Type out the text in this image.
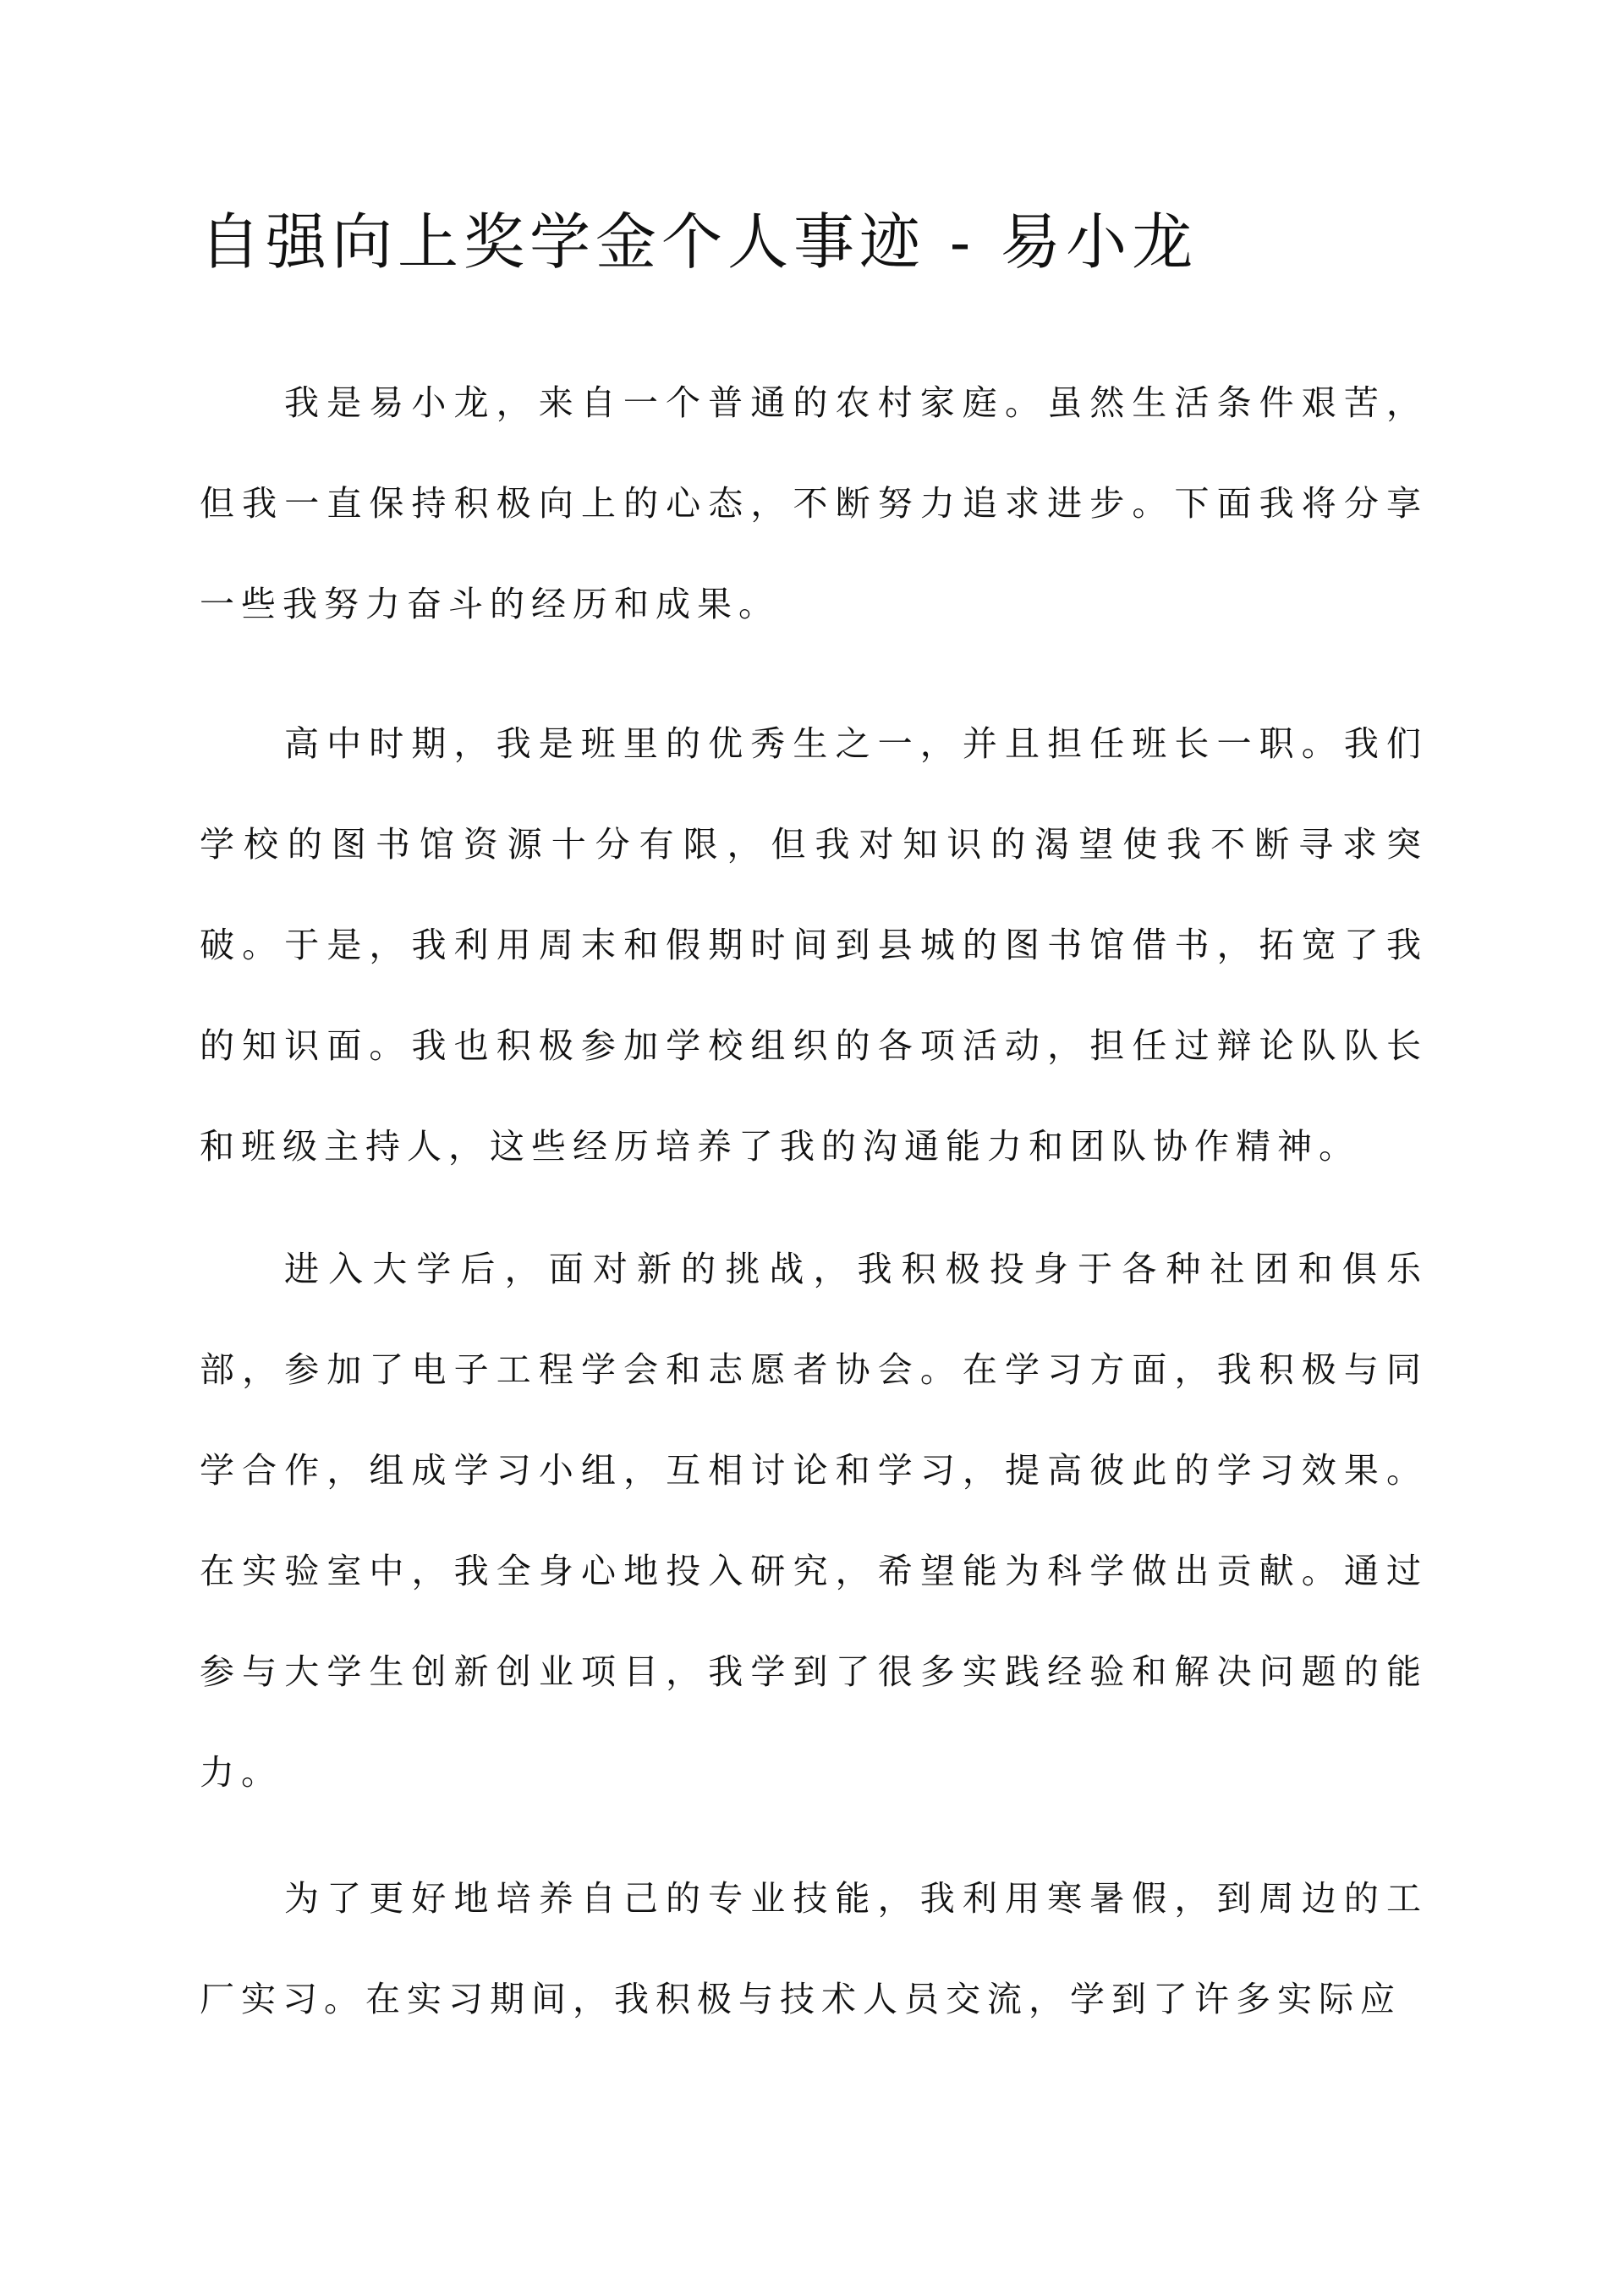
自强向上奖学金个人事迹 - 易小龙

我是易小龙，来自一个普通的农村家庭。虽然生活条件艰苦，但我一直保持积极向上的心态，不断努力追求进步。下面我将分享一些我努力奋斗的经历和成果。

高中时期，我是班里的优秀生之一，并且担任班长一职。我们学校的图书馆资源十分有限，但我对知识的渴望使我不断寻求突破。于是，我利用周末和假期时间到县城的图书馆借书，拓宽了我的知识面。我也积极参加学校组织的各项活动，担任过辩论队队长和班级主持人，这些经历培养了我的沟通能力和团队协作精神。

进入大学后，面对新的挑战，我积极投身于各种社团和俱乐部，参加了电子工程学会和志愿者协会。在学习方面，我积极与同学合作，组成学习小组，互相讨论和学习，提高彼此的学习效果。在实验室中，我全身心地投入研究，希望能为科学做出贡献。通过参与大学生创新创业项目，我学到了很多实践经验和解决问题的能力。

为了更好地培养自己的专业技能，我利用寒暑假，到周边的工厂实习。在实习期间，我积极与技术人员交流，学到了许多实际应
